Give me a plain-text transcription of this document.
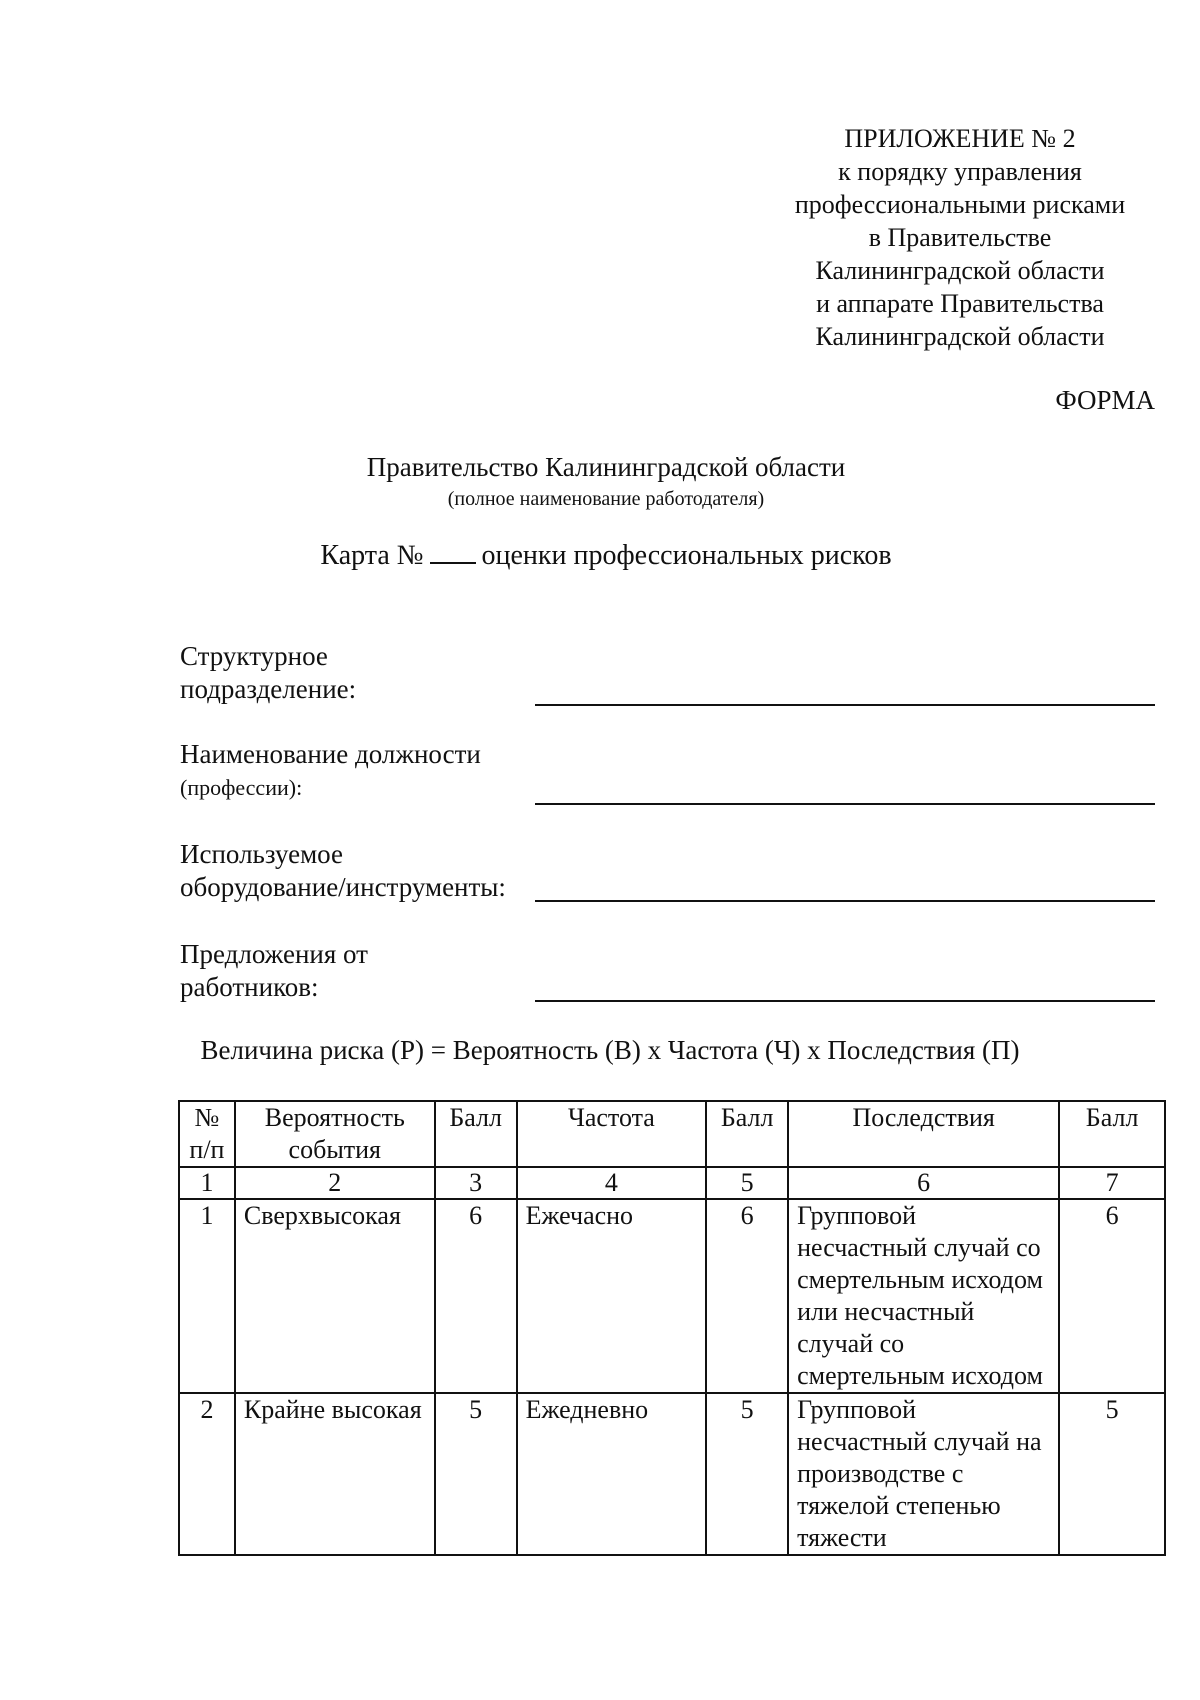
ПРИЛОЖЕНИЕ № 2
к порядку управления
профессиональными рисками
в Правительстве
Калининградской области
и аппарате Правительства
Калининградской области
ФОРМА
Правительство Калининградской области
(полное наименование работодателя)
Карта № оценки профессиональных рисков
Структурное
подразделение:
Наименование должности
(профессии):
Используемое
оборудование/инструменты:
Предложения от
работников:
Величина риска (Р) = Вероятность (В) х Частота (Ч) х Последствия (П)
№ п/п	Вероятность события	Балл	Частота	Балл	Последствия	Балл
1	2	3	4	5	6	7
1	Сверхвысокая	6	Ежечасно	6	Групповой несчастный случай со смертельным исходом или несчастный случай со смертельным исходом	6
2	Крайне высокая	5	Ежедневно	5	Групповой несчастный случай на производстве с тяжелой степенью тяжести	5
